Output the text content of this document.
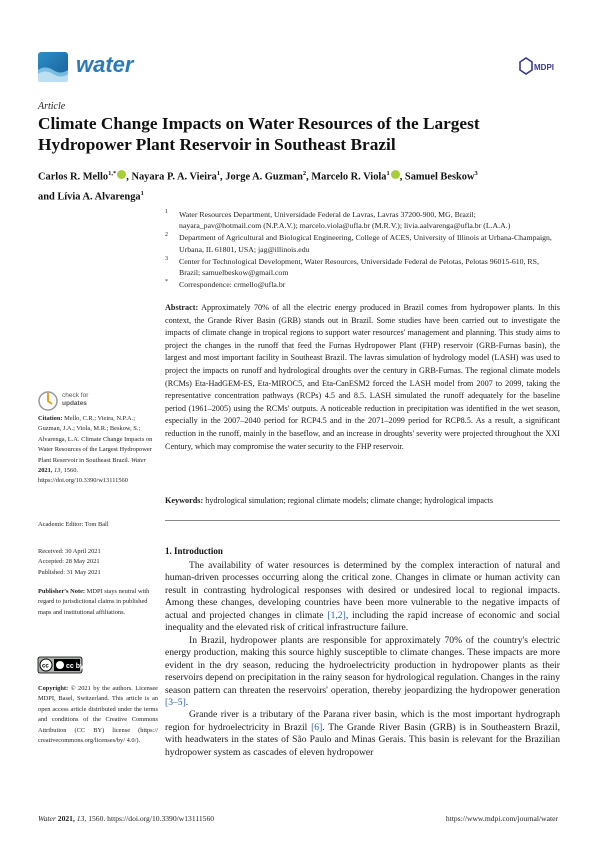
water	MDPI
Article
Climate Change Impacts on Water Resources of the Largest Hydropower Plant Reservoir in Southeast Brazil
Carlos R. Mello$^{1,*}$ , Nayara P. A. Vieira$^1$, Jorge A. Guzman$^2$, Marcelo R. Viola$^1$ , Samuel Beskow$^3$
and Lívia A. Alvarenga$^1$
1 Water Resources Department, Universidade Federal de Lavras, Lavras 37200-900, MG, Brazil; nayara_pav@hotmail.com (N.P.A.V.); marcelo.viola@ufla.br (M.R.V.); livia.aalvarenga@ufla.br (L.A.A.)
2 Department of Agricultural and Biological Engineering, College of ACES, University of Illinois at Urbana-Champaign, Urbana, IL 61801, USA; jag@illinois.edu
3 Center for Technological Development, Water Resources, Universidade Federal de Pelotas, Pelotas 96015-610, RS, Brazil; samuelbeskow@gmail.com
* Correspondence: crmello@ufla.br
Abstract: Approximately 70% of all the electric energy produced in Brazil comes from hydropower plants. In this context, the Grande River Basin (GRB) stands out in Brazil. Some studies have been carried out to investigate the impacts of climate change in tropical regions to support water resources' management and planning. This study aims to project the changes in the runoff that feed the Furnas Hydropower Plant (FHP) reservoir (GRB-Furnas basin), the largest and most important facility in Southeast Brazil. The lavras simulation of hydrology model (LASH) was used to project the impacts on runoff and hydrological droughts over the century in GRB-Furnas. The regional climate models (RCMs) Eta-HadGEM-ES, Eta-MIROC5, and Eta-CanESM2 forced the LASH model from 2007 to 2099, taking the representative concentration pathways (RCPs) 4.5 and 8.5. LASH simulated the runoff adequately for the baseline period (1961–2005) using the RCMs' outputs. A noticeable reduction in precipitation was identified in the wet season, especially in the 2007–2040 period for RCP4.5 and in the 2071–2099 period for RCP8.5. As a result, a significant reduction in the runoff, mainly in the baseflow, and an increase in droughts' severity were projected throughout the XXI Century, which may compromise the water security to the FHP reservoir.
Keywords: hydrological simulation; regional climate models; climate change; hydrological impacts
check for
updates
Citation: Mello, C.R.; Vieira, N.P.A.; Guzman, J.A.; Viola, M.R.; Beskow, S.; Alvarenga, L.A. Climate Change Impacts on Water Resources of the Largest Hydropower Plant Reservoir in Southeast Brazil. Water 2021, 13, 1560. https://doi.org/10.3390/w13111560
Academic Editor: Tom Ball
Received: 30 April 2021
Accepted: 28 May 2021
Published: 31 May 2021
Publisher's Note: MDPI stays neutral with regard to jurisdictional claims in published maps and institutional affiliations.
cc cc by
Copyright: © 2021 by the authors. Licensee MDPI, Basel, Switzerland. This article is an open access article distributed under the terms and conditions of the Creative Commons Attribution (CC BY) license (https:// creativecommons.org/licenses/by/ 4.0/).
1. Introduction

The availability of water resources is determined by the complex interaction of natural and human-driven processes occurring along the critical zone. Changes in climate or human activity can result in contrasting hydrological responses with desired or undesired local to regional impacts. Among these changes, developing countries have been more vulnerable to the negative impacts of actual and projected changes in climate [1,2], including the rapid increase of economic and social inequality and the elevated risk of critical infrastructure failure.

In Brazil, hydropower plants are responsible for approximately 70% of the country's electric energy production, making this source highly susceptible to climate changes. These impacts are more evident in the dry season, reducing the hydroelectricity production in hydropower plants as their reservoirs depend on precipitation in the rainy season for hydrological regulation. Changes in the rainy season pattern can threaten the reservoirs' operation, thereby jeopardizing the hydropower generation [3–5].

Grande river is a tributary of the Parana river basin, which is the most important hydrograph region for hydroelectricity in Brazil [6]. The Grande River Basin (GRB) is in Southeastern Brazil, with headwaters in the states of São Paulo and Minas Gerais. This basin is relevant for the Brazilian hydropower system as cascades of eleven hydropower

Water 2021, 13, 1560. https://doi.org/10.3390/w13111560	https://www.mdpi.com/journal/water
